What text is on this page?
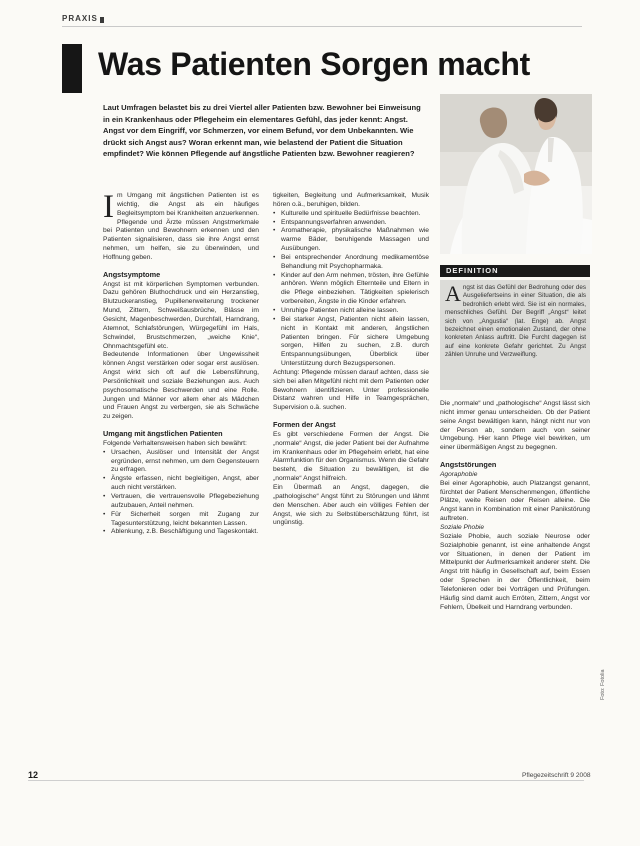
PRAXIS
Was Patienten Sorgen macht

Laut Umfragen belastet bis zu drei Viertel aller Patienten bzw. Bewohner bei Einweisung in ein Krankenhaus oder Pflegeheim ein elementares Gefühl, das jeder kennt: Angst. Angst vor dem Eingriff, vor Schmerzen, vor einem Befund, vor dem Unbekannten. Wie drückt sich Angst aus? Woran erkennt man, wie belastend der Patient die Situation empfindet? Wie können Pflegende auf ängstliche Patienten bzw. Bewohner reagieren?

DEFINITION
Angst ist das Gefühl der Bedrohung oder des Ausgeliefertseins in einer Situation, die als bedrohlich erlebt wird. Sie ist ein normales, menschliches Gefühl. Der Begriff „Angst“ leitet sich von „Angustia“ (lat. Enge) ab. Angst bezeichnet einen emotionalen Zustand, der ohne konkreten Anlass auftritt. Die Furcht dagegen ist auf eine konkrete Gefahr gerichtet. Zu Angst zählen Unruhe und Verzweiflung.

Im Umgang mit ängstlichen Patienten ist es wichtig, die Angst als ein häufiges Begleitsymptom bei Krankheiten anzuerkennen. Pflegende und Ärzte müssen Angstmerkmale bei Patienten und Bewohnern erkennen und den Patienten signalisieren, dass sie ihre Angst ernst nehmen, um helfen, sie zu überwinden, und Hoffnung geben.

Angstsymptome

Angst ist mit körperlichen Symptomen verbunden. Dazu gehören Bluthochdruck und ein Herzanstieg, Blutzuckeranstieg, Pupillenerweiterung trockener Mund, Zittern, Schweißausbrüche, Blässe im Gesicht, Magenbeschwerden, Durchfall, Harndrang, Atemnot, Schlafstörungen, Würgegefühl im Hals, Schwindel, Brustschmerzen, „weiche Knie“, Ohnmachtsgefühl etc.

Bedeutende Informationen über Ungewissheit können Angst verstärken oder sogar erst auslösen. Angst wirkt sich oft auf die Lebensführung, Persönlichkeit und soziale Beziehungen aus. Auch psychosomatische Beschwerden und eine Rolle. Jungen und Männer vor allem eher als Mädchen und Frauen Angst zu verbergen, sie als Schwäche zu zeigen.

Umgang mit ängstlichen Patienten

Folgende Verhaltensweisen haben sich bewährt:

• Ursachen, Auslöser und Intensität der Angst ergründen, ernst nehmen, um dem Gegensteuern zu erfragen.
• Ängste erfassen, nicht begleitigen, Angst, aber auch nicht verstärken.
• Vertrauen, die vertrauensvolle Pflegebeziehung aufzubauen, Anteil nehmen.
• Für Sicherheit sorgen mit Zugang zur Tagesunterstützung, leicht bekannten Lassen.
• Ablenkung, z.B. Beschäftigung und Tageskontakt.

tigkeiten, Begleitung und Aufmerksamkeit, Musik hören o.ä., beruhigen, bilden.

• Kulturelle und spirituelle Bedürfnisse beachten.
• Entspannungsverfahren anwenden.
• Aromatherapie, physikalische Maßnahmen wie warme Bäder, beruhigende Massagen und Ausübungen.
• Bei entsprechender Anordnung medikamentöse Behandlung mit Psychopharmaka.
• Kinder auf den Arm nehmen, trösten, ihre Gefühle anhören. Wenn möglich Elternteile und Eltern in die Pflege einbeziehen. Tätigkeiten spielerisch vorbereiten, Ängste in die Kinder erfahren.
• Unruhige Patienten nicht alleine lassen.
• Bei starker Angst, Patienten nicht allein lassen, nicht in Kontakt mit anderen, ängstlichen Patienten bringen. Für sichere Umgebung sorgen, Hilfen zu suchen, z.B. durch Entspannungsübungen, Überblick über Unterstützung durch Bezugspersonen.

Achtung: Pflegende müssen darauf achten, dass sie sich bei allen Mitgefühl nicht mit dem Patienten oder Bewohnern identifizieren. Unter professionelle Distanz wahren und Hilfe in Teamgesprächen, Supervision o.ä. suchen.

Formen der Angst

Es gibt verschiedene Formen der Angst. Die „normale“ Angst, die jeder Patient bei der Aufnahme im Krankenhaus oder im Pflegeheim erlebt, hat eine Alarmfunktion für den Organismus. Wenn die Gefahr besteht, die Situation zu bewältigen, ist die „normale“ Angst hilfreich.

Ein Übermaß an Angst, dagegen, die „pathologische“ Angst führt zu Störungen und lähmt den Menschen. Aber auch ein völliges Fehlen der Angst, wie sich zu Selbstüberschätzung führt, ist ungünstig.

Die „normale“ und „pathologische“ Angst lässt sich nicht immer genau unterscheiden. Ob der Patient seine Angst bewältigen kann, hängt nicht nur von der Person ab, sondern auch von seiner Umgebung. Hier kann Pflege viel bewirken, um einer übermäßigen Angst zu begegnen.

Angststörungen
Agoraphobie

Bei einer Agoraphobie, auch Platzangst genannt, fürchtet der Patient Menschenmengen, öffentliche Plätze, weite Reisen oder Reisen alleine. Die Angst kann in Kombination mit einer Panikstörung auftreten.

Soziale Phobie

Soziale Phobie, auch soziale Neurose oder Sozialphobie genannt, ist eine anhaltende Angst vor Situationen, in denen der Patient im Mittelpunkt der Aufmerksamkeit anderer steht. Die Angst tritt häufig in Gesellschaft auf, beim Essen oder Sprechen in der Öffentlichkeit, beim Telefonieren oder bei Vorträgen und Prüfungen. Häufig sind damit auch Erröten, Zittern, Angst vor Fehlern, Übelkeit und Harndrang verbunden.

Foto: Fotolia
12	Pflegezeitschrift 9 2008
